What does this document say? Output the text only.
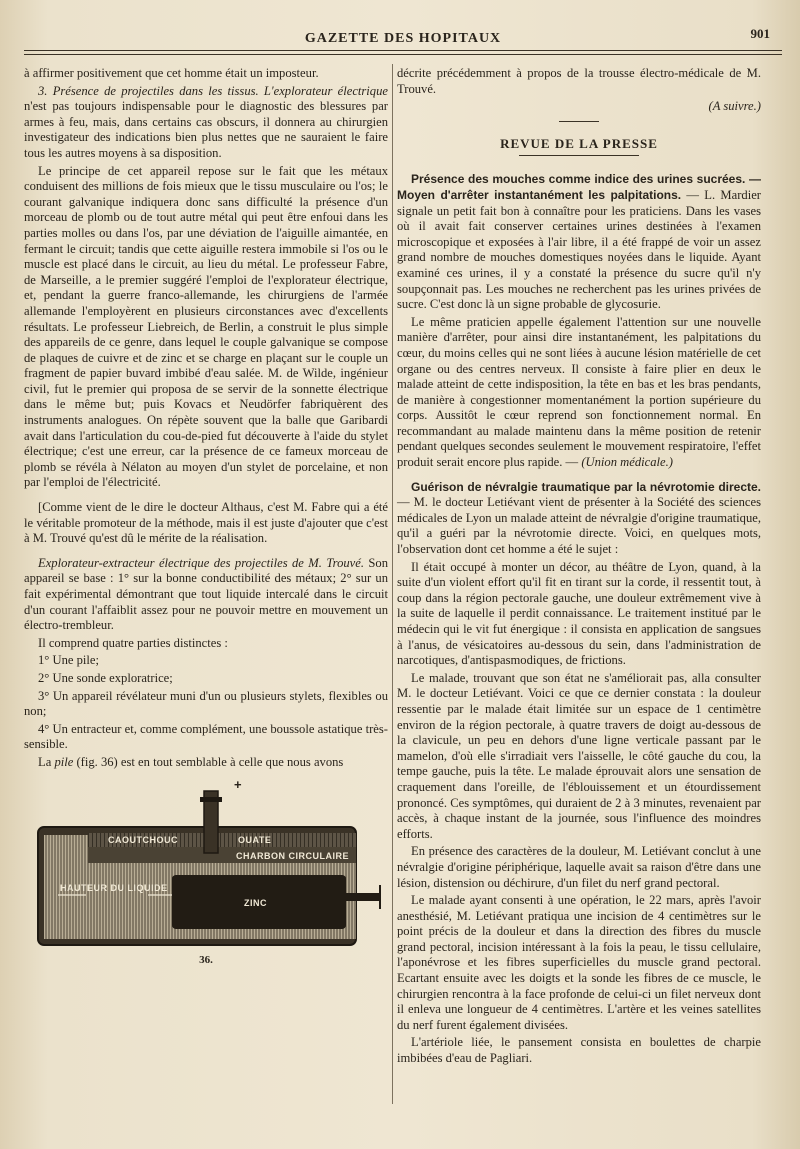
GAZETTE DES HOPITAUX	901

à affirmer positivement que cet homme était un imposteur.

3. Présence de projectiles dans les tissus. L'explorateur électrique n'est pas toujours indispensable pour le diagnostic des blessures par armes à feu, mais, dans certains cas obscurs, il donnera au chirurgien investigateur des indications bien plus nettes que ne sauraient le faire tous les autres moyens à sa disposition.

Le principe de cet appareil repose sur le fait que les métaux conduisent des millions de fois mieux que le tissu musculaire ou l'os; le courant galvanique indiquera donc sans difficulté la présence d'un morceau de plomb ou de tout autre métal qui peut être enfoui dans les parties molles ou dans l'os, par une déviation de l'aiguille aimantée, en fermant le circuit; tandis que cette aiguille restera immobile si l'os ou le muscle est placé dans le circuit, au lieu du métal. Le professeur Fabre, de Marseille, a le premier suggéré l'emploi de l'explorateur électrique, et, pendant la guerre franco-allemande, les chirurgiens de l'armée allemande l'employèrent en plusieurs circonstances avec d'excellents résultats. Le professeur Liebreich, de Berlin, a construit le plus simple des appareils de ce genre, dans lequel le couple galvanique se compose de plaques de cuivre et de zinc et se charge en plaçant sur le couple un fragment de papier buvard imbibé d'eau salée. M. de Wilde, ingénieur civil, fut le premier qui proposa de se servir de la sonnette électrique dans le même but; puis Kovacs et Neudörfer fabriquèrent des instruments analogues. On répète souvent que la balle que Garibardi avait dans l'articulation du cou-de-pied fut découverte à l'aide du stylet électrique; c'est une erreur, car la présence de ce fameux morceau de plomb se révéla à Nélaton au moyen d'un stylet de porcelaine, et non par l'emploi de l'électricité.

[Comme vient de le dire le docteur Althaus, c'est M. Fabre qui a été le véritable promoteur de la méthode, mais il est juste d'ajouter que c'est à M. Trouvé qu'est dû le mérite de la réalisation.

Explorateur-extracteur électrique des projectiles de M. Trouvé. Son appareil se base : 1° sur la bonne conductibilité des métaux; 2° sur un fait expérimental démontrant que tout liquide intercalé dans le circuit d'un courant l'affaiblit assez pour ne pouvoir mettre en mouvement un électro-trembleur.

Il comprend quatre parties distinctes :

1° Une pile;

2° Une sonde exploratrice;

3° Un appareil révélateur muni d'un ou plusieurs stylets, flexibles ou non;

4° Un entracteur et, comme complément, une boussole astatique très-sensible.

La pile (fig. 36) est en tout semblable à celle que nous avons

+
CAOUTCHOUC	OUATE
CHARBON CIRCULAIRE
HAUTEUR DU LIQUIDE
ZINC
36.

décrite précédemment à propos de la trousse électro-médicale de M. Trouvé.

(A suivre.)

REVUE DE LA PRESSE

Présence des mouches comme indice des urines sucrées. — Moyen d'arrêter instantanément les palpitations. — L. Mardier signale un petit fait bon à connaître pour les praticiens. Dans les vases où il avait fait conserver certaines urines destinées à l'examen microscopique et exposées à l'air libre, il a été frappé de voir un assez grand nombre de mouches domestiques noyées dans le liquide. Ayant examiné ces urines, il y a constaté la présence du sucre qu'il n'y soupçonnait pas. Les mouches ne recherchent pas les urines privées de sucre. C'est donc là un signe probable de glycosurie.

Le même praticien appelle également l'attention sur une nouvelle manière d'arrêter, pour ainsi dire instantanément, les palpitations du cœur, du moins celles qui ne sont liées à aucune lésion matérielle de cet organe ou des centres nerveux. Il consiste à faire plier en deux le malade atteint de cette indisposition, la tête en bas et les bras pendants, de manière à congestionner momentanément la portion supérieure du corps. Aussitôt le cœur reprend son fonctionnement normal. En recommandant au malade maintenu dans la même position de retenir pendant quelques secondes seulement le mouvement respiratoire, l'effet produit serait encore plus rapide. — (Union médicale.)

Guérison de névralgie traumatique par la névrotomie directe. — M. le docteur Letiévant vient de présenter à la Société des sciences médicales de Lyon un malade atteint de névralgie d'origine traumatique, qu'il a guéri par la névrotomie directe. Voici, en quelques mots, l'observation dont cet homme a été le sujet :

Il était occupé à monter un décor, au théâtre de Lyon, quand, à la suite d'un violent effort qu'il fit en tirant sur la corde, il ressentit tout, à coup dans la région pectorale gauche, une douleur extrêmement vive à la suite de laquelle il perdit connaissance. Le traitement institué par le médecin qui le vit fut énergique : il consista en application de sangsues à l'anus, de vésicatoires au-dessous du sein, dans l'administration de narcotiques, d'antispasmodiques, de frictions.

Le malade, trouvant que son état ne s'améliorait pas, alla consulter M. le docteur Letiévant. Voici ce que ce dernier constata : la douleur ressentie par le malade était limitée sur un espace de 1 centimètre environ de la région pectorale, à quatre travers de doigt au-dessous de la clavicule, un peu en dehors d'une ligne verticale passant par le mamelon, d'où elle s'irradiait vers l'aisselle, le côté gauche du cou, la tempe gauche, puis la tête. Le malade éprouvait alors une sensation de craquement dans l'oreille, de l'éblouissement et un étourdissement prononcé. Ces symptômes, qui duraient de 2 à 3 minutes, revenaient par accès, à chaque instant de la journée, sous l'influence des moindres efforts.

En présence des caractères de la douleur, M. Letiévant conclut à une névralgie d'origine périphérique, laquelle avait sa raison d'être dans une lésion, distension ou déchirure, d'un filet du nerf grand pectoral.

Le malade ayant consenti à une opération, le 22 mars, après l'avoir anesthésié, M. Letiévant pratiqua une incision de 4 centimètres sur le point précis de la douleur et dans la direction des fibres du muscle grand pectoral, incision intéressant à la fois la peau, le tissu cellulaire, l'aponévrose et les fibres superficielles du muscle grand pectoral. Ecartant ensuite avec les doigts et la sonde les fibres de ce muscle, le chirurgien rencontra à la face profonde de celui-ci un filet nerveux dont il enleva une longueur de 4 centimètres. L'artère et les veines satellites du nerf furent également divisées.

L'artériole liée, le pansement consista en boulettes de charpie imbibées d'eau de Pagliari.
